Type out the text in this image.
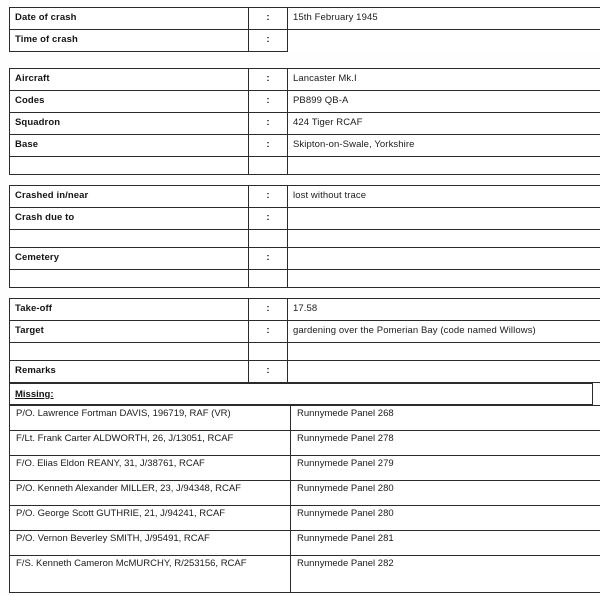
Date of crash	:	15th February 1945
Time of crash	:	
Aircraft	:	Lancaster Mk.I
Codes	:	PB899 QB-A
Squadron	:	424 Tiger RCAF
Base	:	Skipton-on-Swale, Yorkshire

Crashed in/near	:	lost without trace
Crash due to	:	

Cemetery	:	

Take-off	:	17.58
Target	:	gardening over the Pomerian Bay (code named Willows)

Remarks	:	
Missing:
P/O. Lawrence Fortman DAVIS, 196719, RAF (VR)	Runnymede Panel 268
F/Lt. Frank Carter ALDWORTH, 26, J/13051, RCAF	Runnymede Panel 278
F/O. Elias Eldon REANY, 31, J/38761, RCAF	Runnymede Panel 279
P/O. Kenneth Alexander MILLER, 23, J/94348, RCAF	Runnymede Panel 280
P/O. George Scott GUTHRIE, 21, J/94241, RCAF	Runnymede Panel 280
P/O. Vernon Beverley SMITH, J/95491, RCAF	Runnymede Panel 281
F/S. Kenneth Cameron McMURCHY, R/253156, RCAF	Runnymede Panel 282
